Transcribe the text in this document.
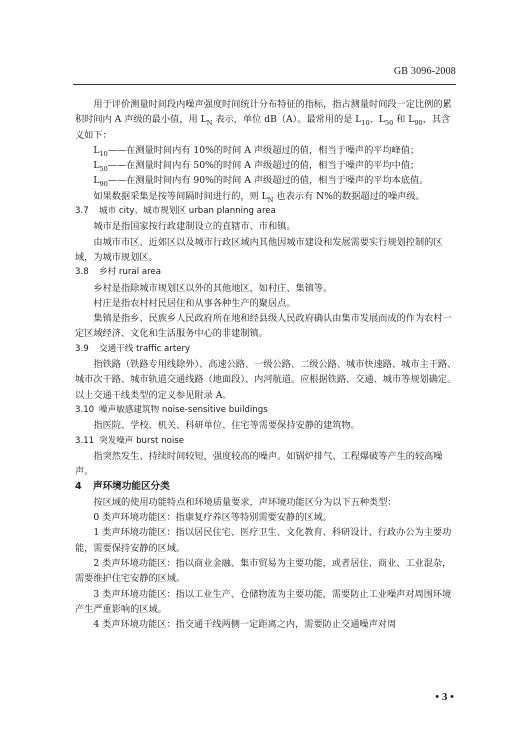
GB 3096-2008

用于评价测量时间段内噪声强度时间统计分布特征的指标，指占测量时间段一定比例的累积时间内 A 声级的最小值，用 $L_N$ 表示，单位 dB（A）。最常用的是 $L_{10}$、$L_{50}$ 和 $L_{90}$，其含义如下：

$L_{10}——$在测量时间内有 10%的时间 A 声级超过的值，相当于噪声的平均峰值；

$L_{50}——$在测量时间内有 50%的时间 A 声级超过的值，相当于噪声的平均中值；

$L_{90}——$在测量时间内有 90%的时间 A 声级超过的值，相当于噪声的平均本底值。

如果数据采集是按等间隔时间进行的，则 $L_N$ 也表示有 N%的数据超过的噪声级。

3.7 城市 city、城市规划区 urban planning area

城市是指国家按行政建制设立的直辖市、市和镇。

由城市市区、近郊区以及城市行政区域内其他因城市建设和发展需要实行规划控制的区域，为城市规划区。

3.8 乡村 rural area

乡村是指除城市规划区以外的其他地区，如村庄、集镇等。

村庄是指农村村民居住和从事各种生产的聚居点。

集镇是指乡、民族乡人民政府所在地和经县级人民政府确认由集市发展而成的作为农村一定区域经济、文化和生活服务中心的非建制镇。

3.9 交通干线 traffic artery

指铁路（铁路专用线除外）、高速公路、一级公路、二级公路、城市快速路、城市主干路、城市次干路、城市轨道交通线路（地面段）、内河航道。应根据铁路、交通、城市等规划确定。以上交通干线类型的定义参见附录 A。

3.10 噪声敏感建筑物 noise-sensitive buildings

指医院、学校、机关、科研单位、住宅等需要保持安静的建筑物。

3.11 突发噪声 burst noise

指突然发生、持续时间较短，强度较高的噪声。如锅炉排气、工程爆破等产生的较高噪声。

4 声环境功能区分类

按区域的使用功能特点和环境质量要求，声环境功能区分为以下五种类型：

0 类声环境功能区：指康复疗养区等特别需要安静的区域。

1 类声环境功能区：指以居民住宅、医疗卫生、文化教育、科研设计、行政办公为主要功能，需要保持安静的区域。

2 类声环境功能区：指以商业金融、集市贸易为主要功能，或者居住、商业、工业混杂，需要维护住宅安静的区域。

3 类声环境功能区：指以工业生产、仓储物流为主要功能，需要防止工业噪声对周围环境产生严重影响的区域。

4 类声环境功能区：指交通干线两侧一定距离之内，需要防止交通噪声对周

• 3 •
